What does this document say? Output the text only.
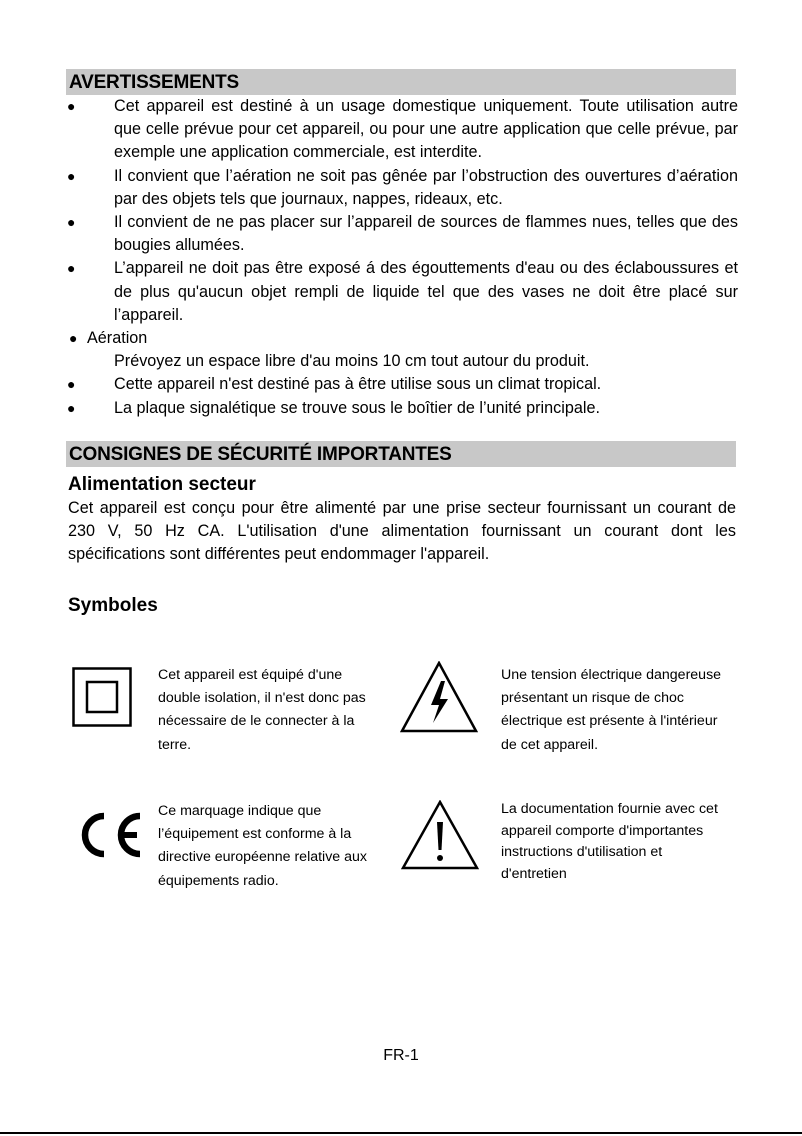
AVERTISSEMENTS
● Cet appareil est destiné à un usage domestique uniquement. Toute utilisation autre que celle prévue pour cet appareil, ou pour une autre application que celle prévue, par exemple une application commerciale, est interdite.
● Il convient que l’aération ne soit pas gênée par l’obstruction des ouvertures d’aération par des objets tels que journaux, nappes, rideaux, etc.
● Il convient de ne pas placer sur l’appareil de sources de flammes nues, telles que des bougies allumées.
● L’appareil ne doit pas être exposé á des égouttements d'eau ou des éclaboussures et de plus qu'aucun objet rempli de liquide tel que des vases ne doit être placé sur l’appareil.
● Aération
Prévoyez un espace libre d'au moins 10 cm tout autour du produit.
● Cette appareil n'est destiné pas à être utilise sous un climat tropical.
● La plaque signalétique se trouve sous le boîtier de l’unité principale.
CONSIGNES DE SÉCURITÉ IMPORTANTES
Alimentation secteur

Cet appareil est conçu pour être alimenté par une prise secteur fournissant un courant de 230 V, 50 Hz CA. L'utilisation d'une alimentation fournissant un courant dont les spécifications sont différentes peut endommager l'appareil.

Symboles

Cet appareil est équipé d'une double isolation, il n'est donc pas nécessaire de le connecter à la terre.

Une tension électrique dangereuse présentant un risque de choc électrique est présente à l'intérieur de cet appareil.

Ce marquage indique que l’équipement est conforme à la directive européenne relative aux équipements radio.

La documentation fournie avec cet appareil comporte d'importantes instructions d'utilisation et d'entretien

FR-1
